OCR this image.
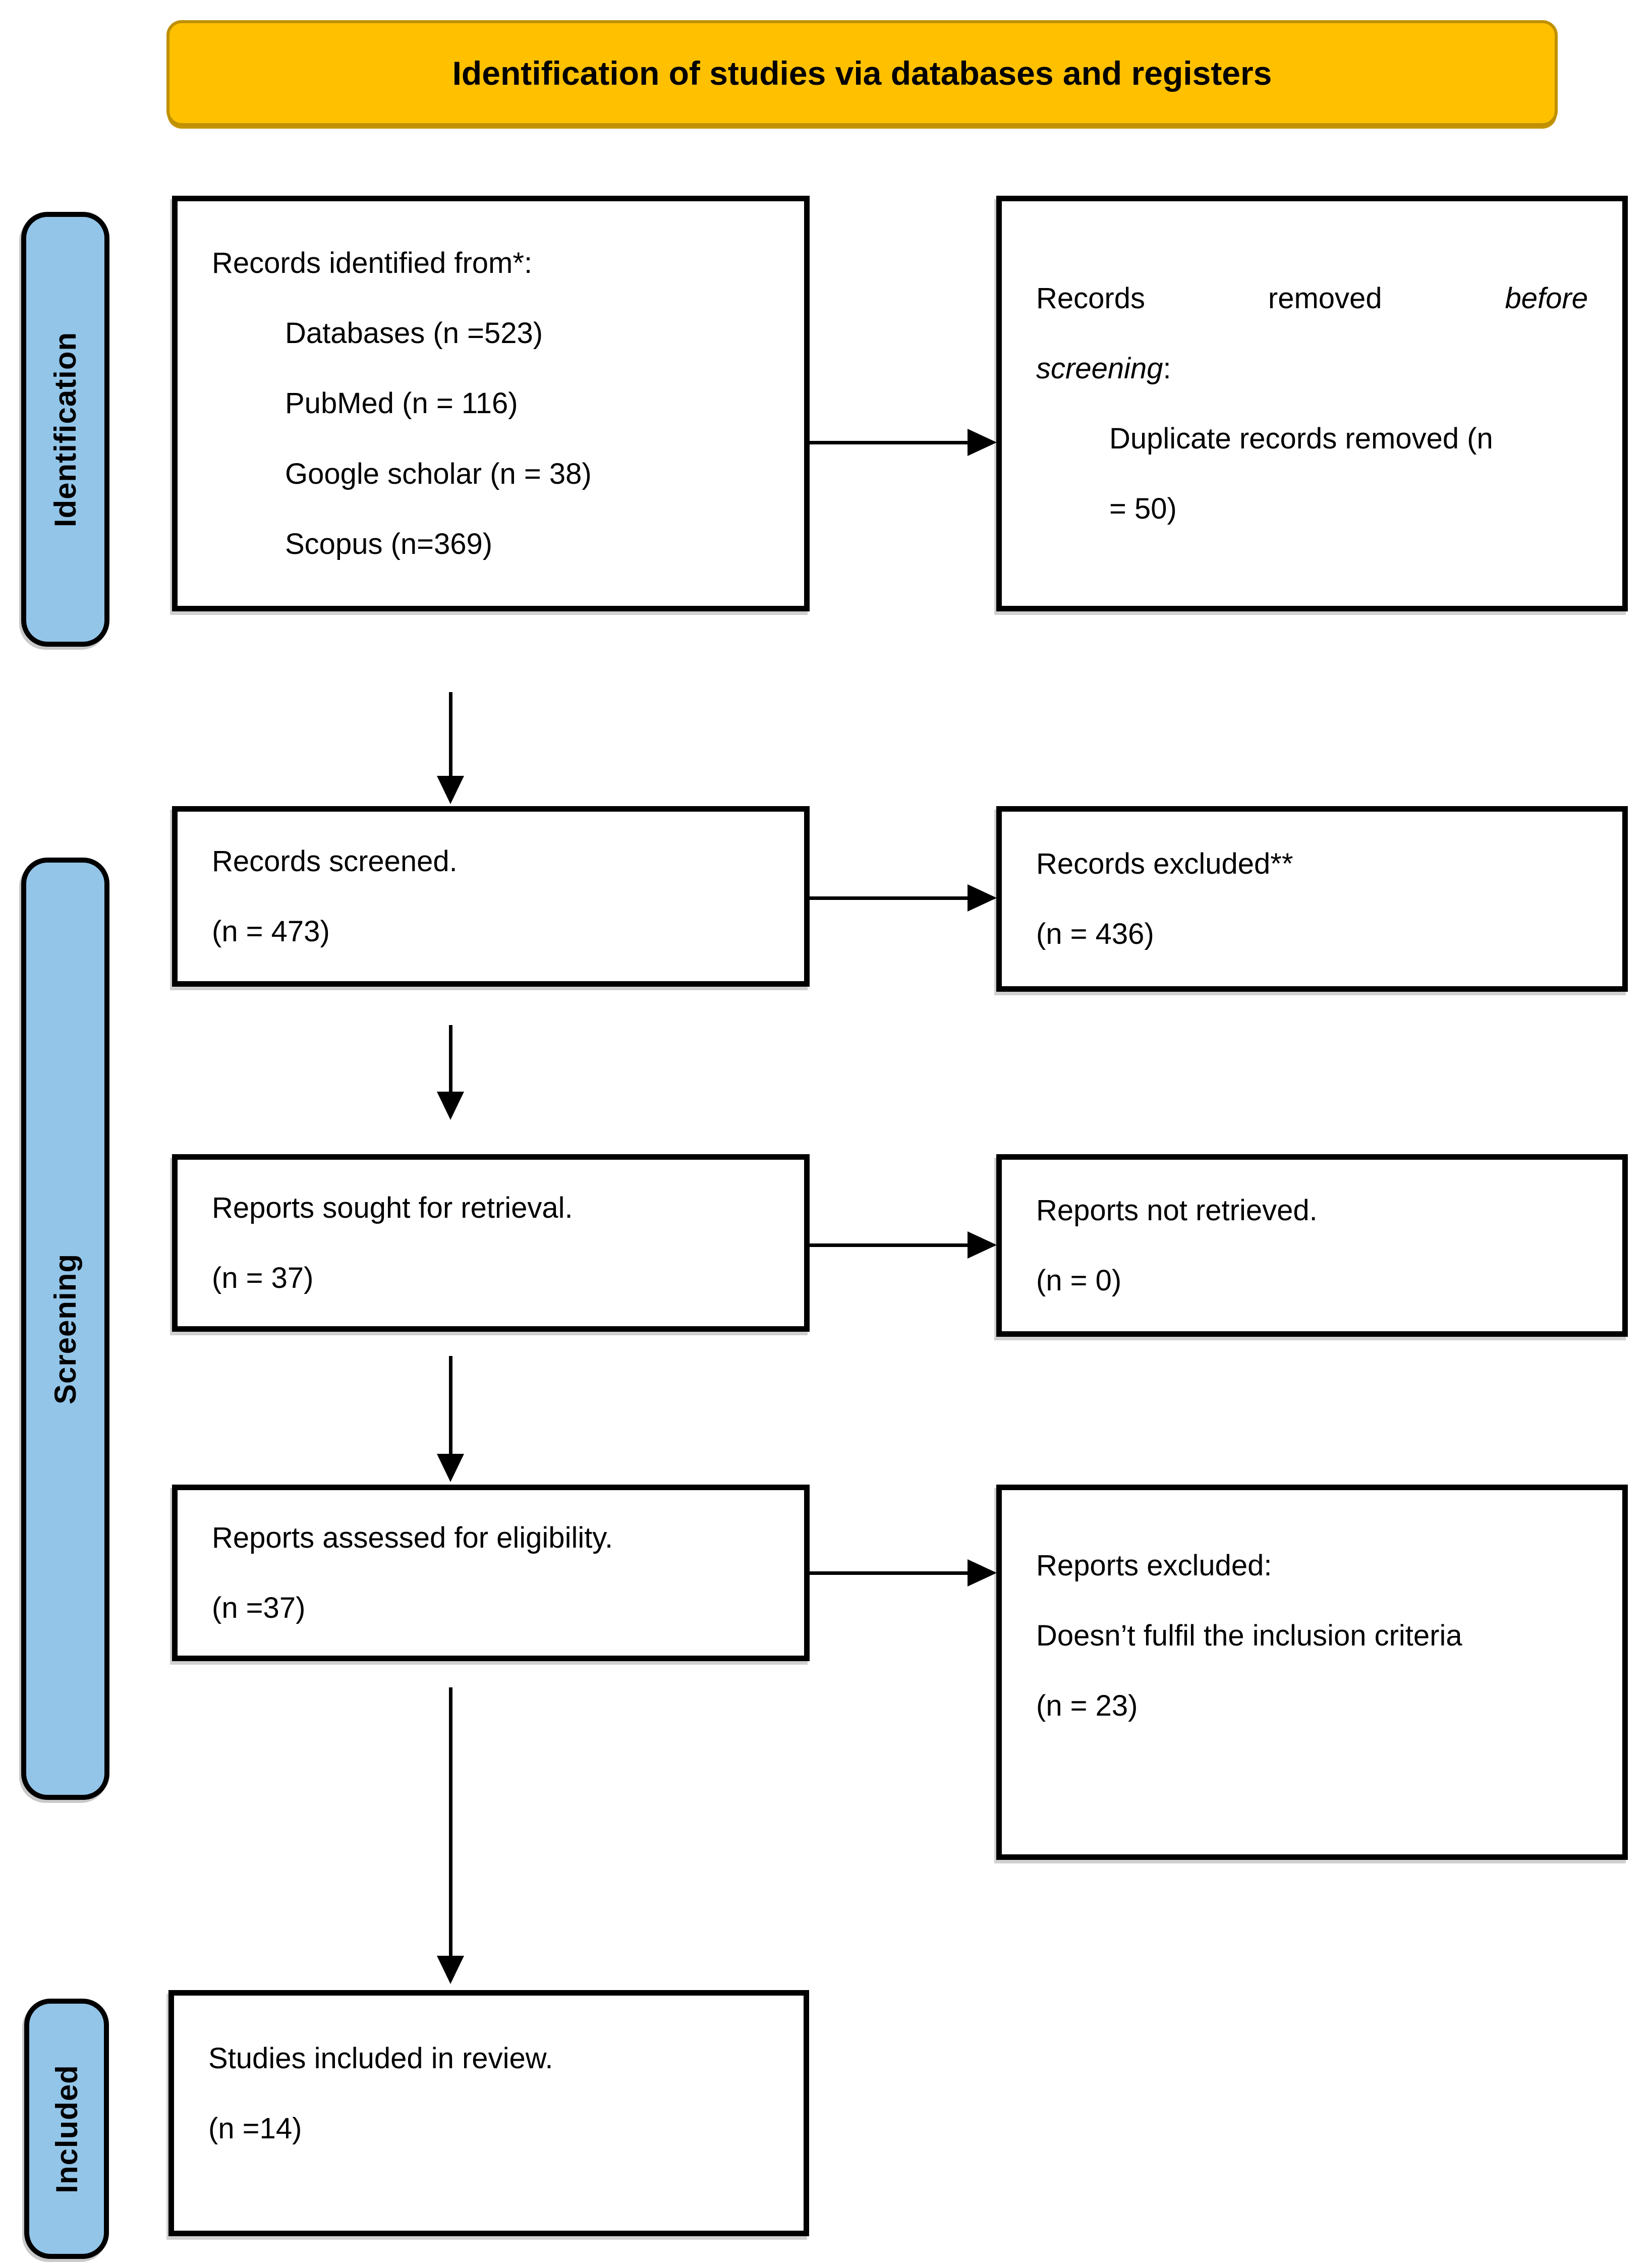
Identification of studies via databases and registers
Identification
Screening
Included

Records identified from*:

Databases (n =523)

PubMed (n = 116)

Google scholar (n = 38)

Scopus (n=369)

Records removed	before

screening:

Duplicate records removed (n

= 50)

Records screened.

(n = 473)

Records excluded**

(n = 436)

Reports sought for retrieval.

(n = 37)

Reports not retrieved.

(n = 0)

Reports assessed for eligibility.

(n =37)

Reports excluded:

Doesn’t fulfil the inclusion criteria

(n = 23)

Studies included in review.

(n =14)
